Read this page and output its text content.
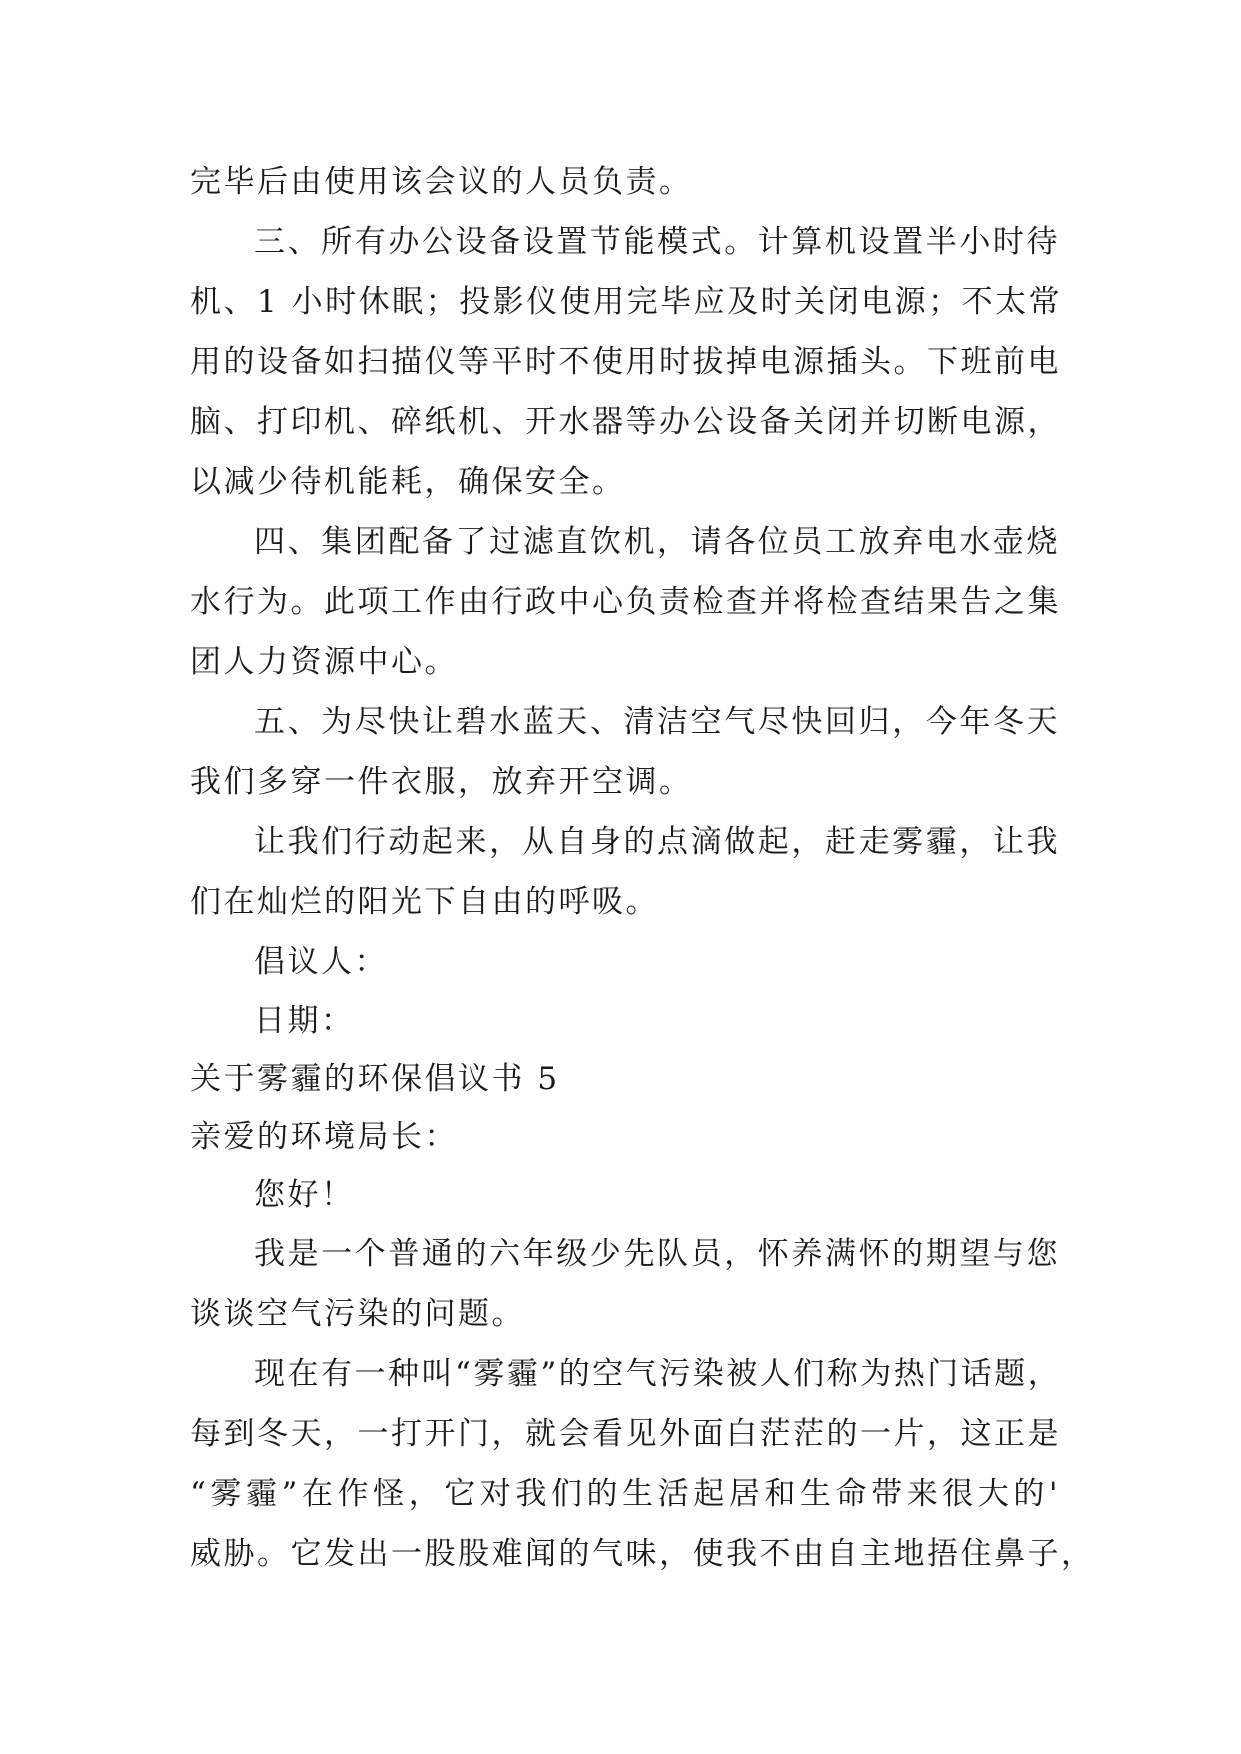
完毕后由使用该会议的人员负责。
三、所有办公设备设置节能模式。计算机设置半小时待
机、1 小时休眠；投影仪使用完毕应及时关闭电源；不太常
用的设备如扫描仪等平时不使用时拔掉电源插头。下班前电
脑、打印机、碎纸机、开水器等办公设备关闭并切断电源，
以减少待机能耗，确保安全。
四、集团配备了过滤直饮机，请各位员工放弃电水壶烧
水行为。此项工作由行政中心负责检查并将检查结果告之集
团人力资源中心。
五、为尽快让碧水蓝天、清洁空气尽快回归，今年冬天
我们多穿一件衣服，放弃开空调。
让我们行动起来，从自身的点滴做起，赶走雾霾，让我
们在灿烂的阳光下自由的呼吸。
倡议人：
日期：
关于雾霾的环保倡议书 5
亲爱的环境局长：
您好！
我是一个普通的六年级少先队员，怀养满怀的期望与您
谈谈空气污染的问题。
现在有一种叫“雾霾”的空气污染被人们称为热门话题，
每到冬天，一打开门，就会看见外面白茫茫的一片，这正是
“雾霾”在作怪，它对我们的生活起居和生命带来很大的'
威胁。它发出一股股难闻的气味，使我不由自主地捂住鼻子，
